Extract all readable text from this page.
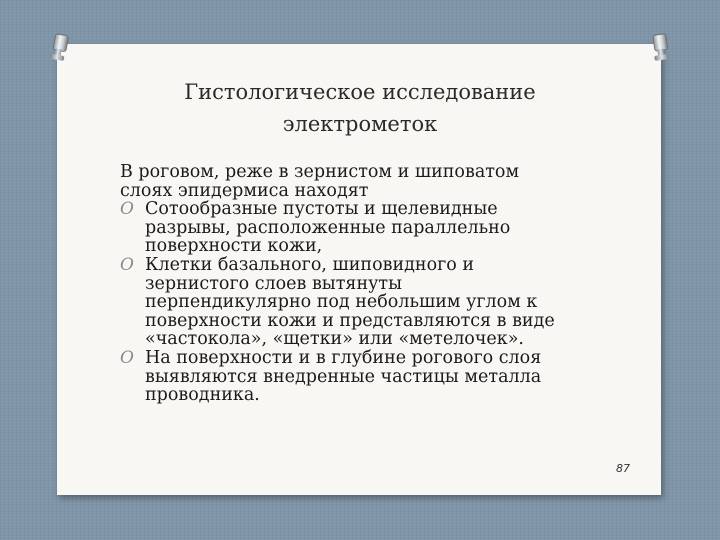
Гистологическое исследование
электрометок
В роговом, реже в зернистом и шиповатом
слоях эпидермиса находят
O Сотообразные пустоты и щелевидные
разрывы, расположенные параллельно
поверхности кожи,
O Клетки базального, шиповидного и
зернистого слоев вытянуты
перпендикулярно под небольшим углом к
поверхности кожи и представляются в виде
«частокола», «щетки» или «метелочек».
O На поверхности и в глубине рогового слоя
выявляются внедренные частицы металла
проводника.
87
